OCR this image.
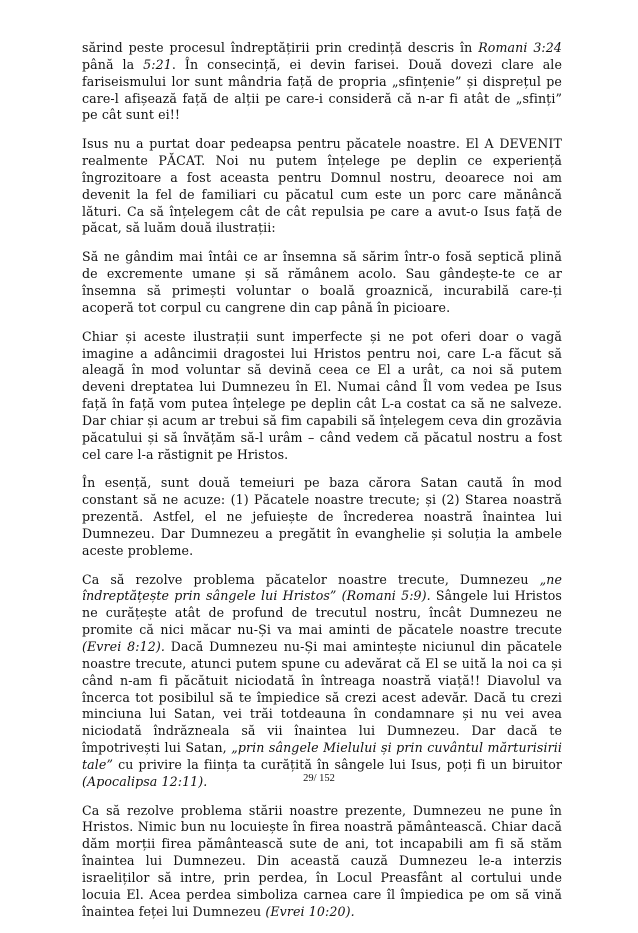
sărind peste procesul îndreptățirii prin credință descris în Romani 3:24 până la 5:21. În consecință, ei devin farisei. Două dovezi clare ale fariseismului lor sunt mândria față de propria „sfințenie” și disprețul pe care-l afișează față de alții pe care-i consideră că n-ar fi atât de „sfinți” pe cât sunt ei!!

Isus nu a purtat doar pedeapsa pentru păcatele noastre. El A DEVENIT realmente PĂCAT. Noi nu putem înțelege pe deplin ce experiență îngrozitoare a fost aceasta pentru Domnul nostru, deoarece noi am devenit la fel de familiari cu păcatul cum este un porc care mănâncă lături. Ca să înțelegem cât de cât repulsia pe care a avut-o Isus față de păcat, să luăm două ilustrații:

Să ne gândim mai întâi ce ar însemna să sărim într-o fosă septică plină de excremente umane și să rămânem acolo. Sau gândește-te ce ar însemna să primești voluntar o boală groaznică, incurabilă care-ți acoperă tot corpul cu cangrene din cap până în picioare.

Chiar și aceste ilustrații sunt imperfecte și ne pot oferi doar o vagă imagine a adâncimii dragostei lui Hristos pentru noi, care L-a făcut să aleagă în mod voluntar să devină ceea ce El a urât, ca noi să putem deveni dreptatea lui Dumnezeu în El. Numai când Îl vom vedea pe Isus față în față vom putea înțelege pe deplin cât L-a costat ca să ne salveze. Dar chiar și acum ar trebui să fim capabili să înțelegem ceva din grozăvia păcatului și să învățăm să-l urâm – când vedem că păcatul nostru a fost cel care l-a răstignit pe Hristos.

În esență, sunt două temeiuri pe baza cărora Satan caută în mod constant să ne acuze: (1) Păcatele noastre trecute; și (2) Starea noastră prezentă. Astfel, el ne jefuiește de încrederea noastră înaintea lui Dumnezeu. Dar Dumnezeu a pregătit în evanghelie și soluția la ambele aceste probleme.

Ca să rezolve problema păcatelor noastre trecute, Dumnezeu „ne îndreptățește prin sângele lui Hristos” (Romani 5:9). Sângele lui Hristos ne curățește atât de profund de trecutul nostru, încât Dumnezeu ne promite că nici măcar nu-Și va mai aminti de păcatele noastre trecute (Evrei 8:12). Dacă Dumnezeu nu-Și mai amintește niciunul din păcatele noastre trecute, atunci putem spune cu adevărat că El se uită la noi ca și când n-am fi păcătuit niciodată în întreaga noastră viață!! Diavolul va încerca tot posibilul să te împiedice să crezi acest adevăr. Dacă tu crezi minciuna lui Satan, vei trăi totdeauna în condamnare și nu vei avea niciodată îndrăzneala să vii înaintea lui Dumnezeu. Dar dacă te împotrivești lui Satan, „prin sângele Mielului și prin cuvântul mărturisirii tale” cu privire la ființa ta curățită în sângele lui Isus, poți fi un biruitor (Apocalipsa 12:11).

Ca să rezolve problema stării noastre prezente, Dumnezeu ne pune în Hristos. Nimic bun nu locuiește în firea noastră pământească. Chiar dacă dăm morții firea pământească sute de ani, tot incapabili am fi să stăm înaintea lui Dumnezeu. Din această cauză Dumnezeu le-a interzis israeliților să intre, prin perdea, în Locul Preasfânt al cortului unde locuia El. Acea perdea simboliza carnea care îl împiedica pe om să vină înaintea feței lui Dumnezeu (Evrei 10:20).

29/ 152
